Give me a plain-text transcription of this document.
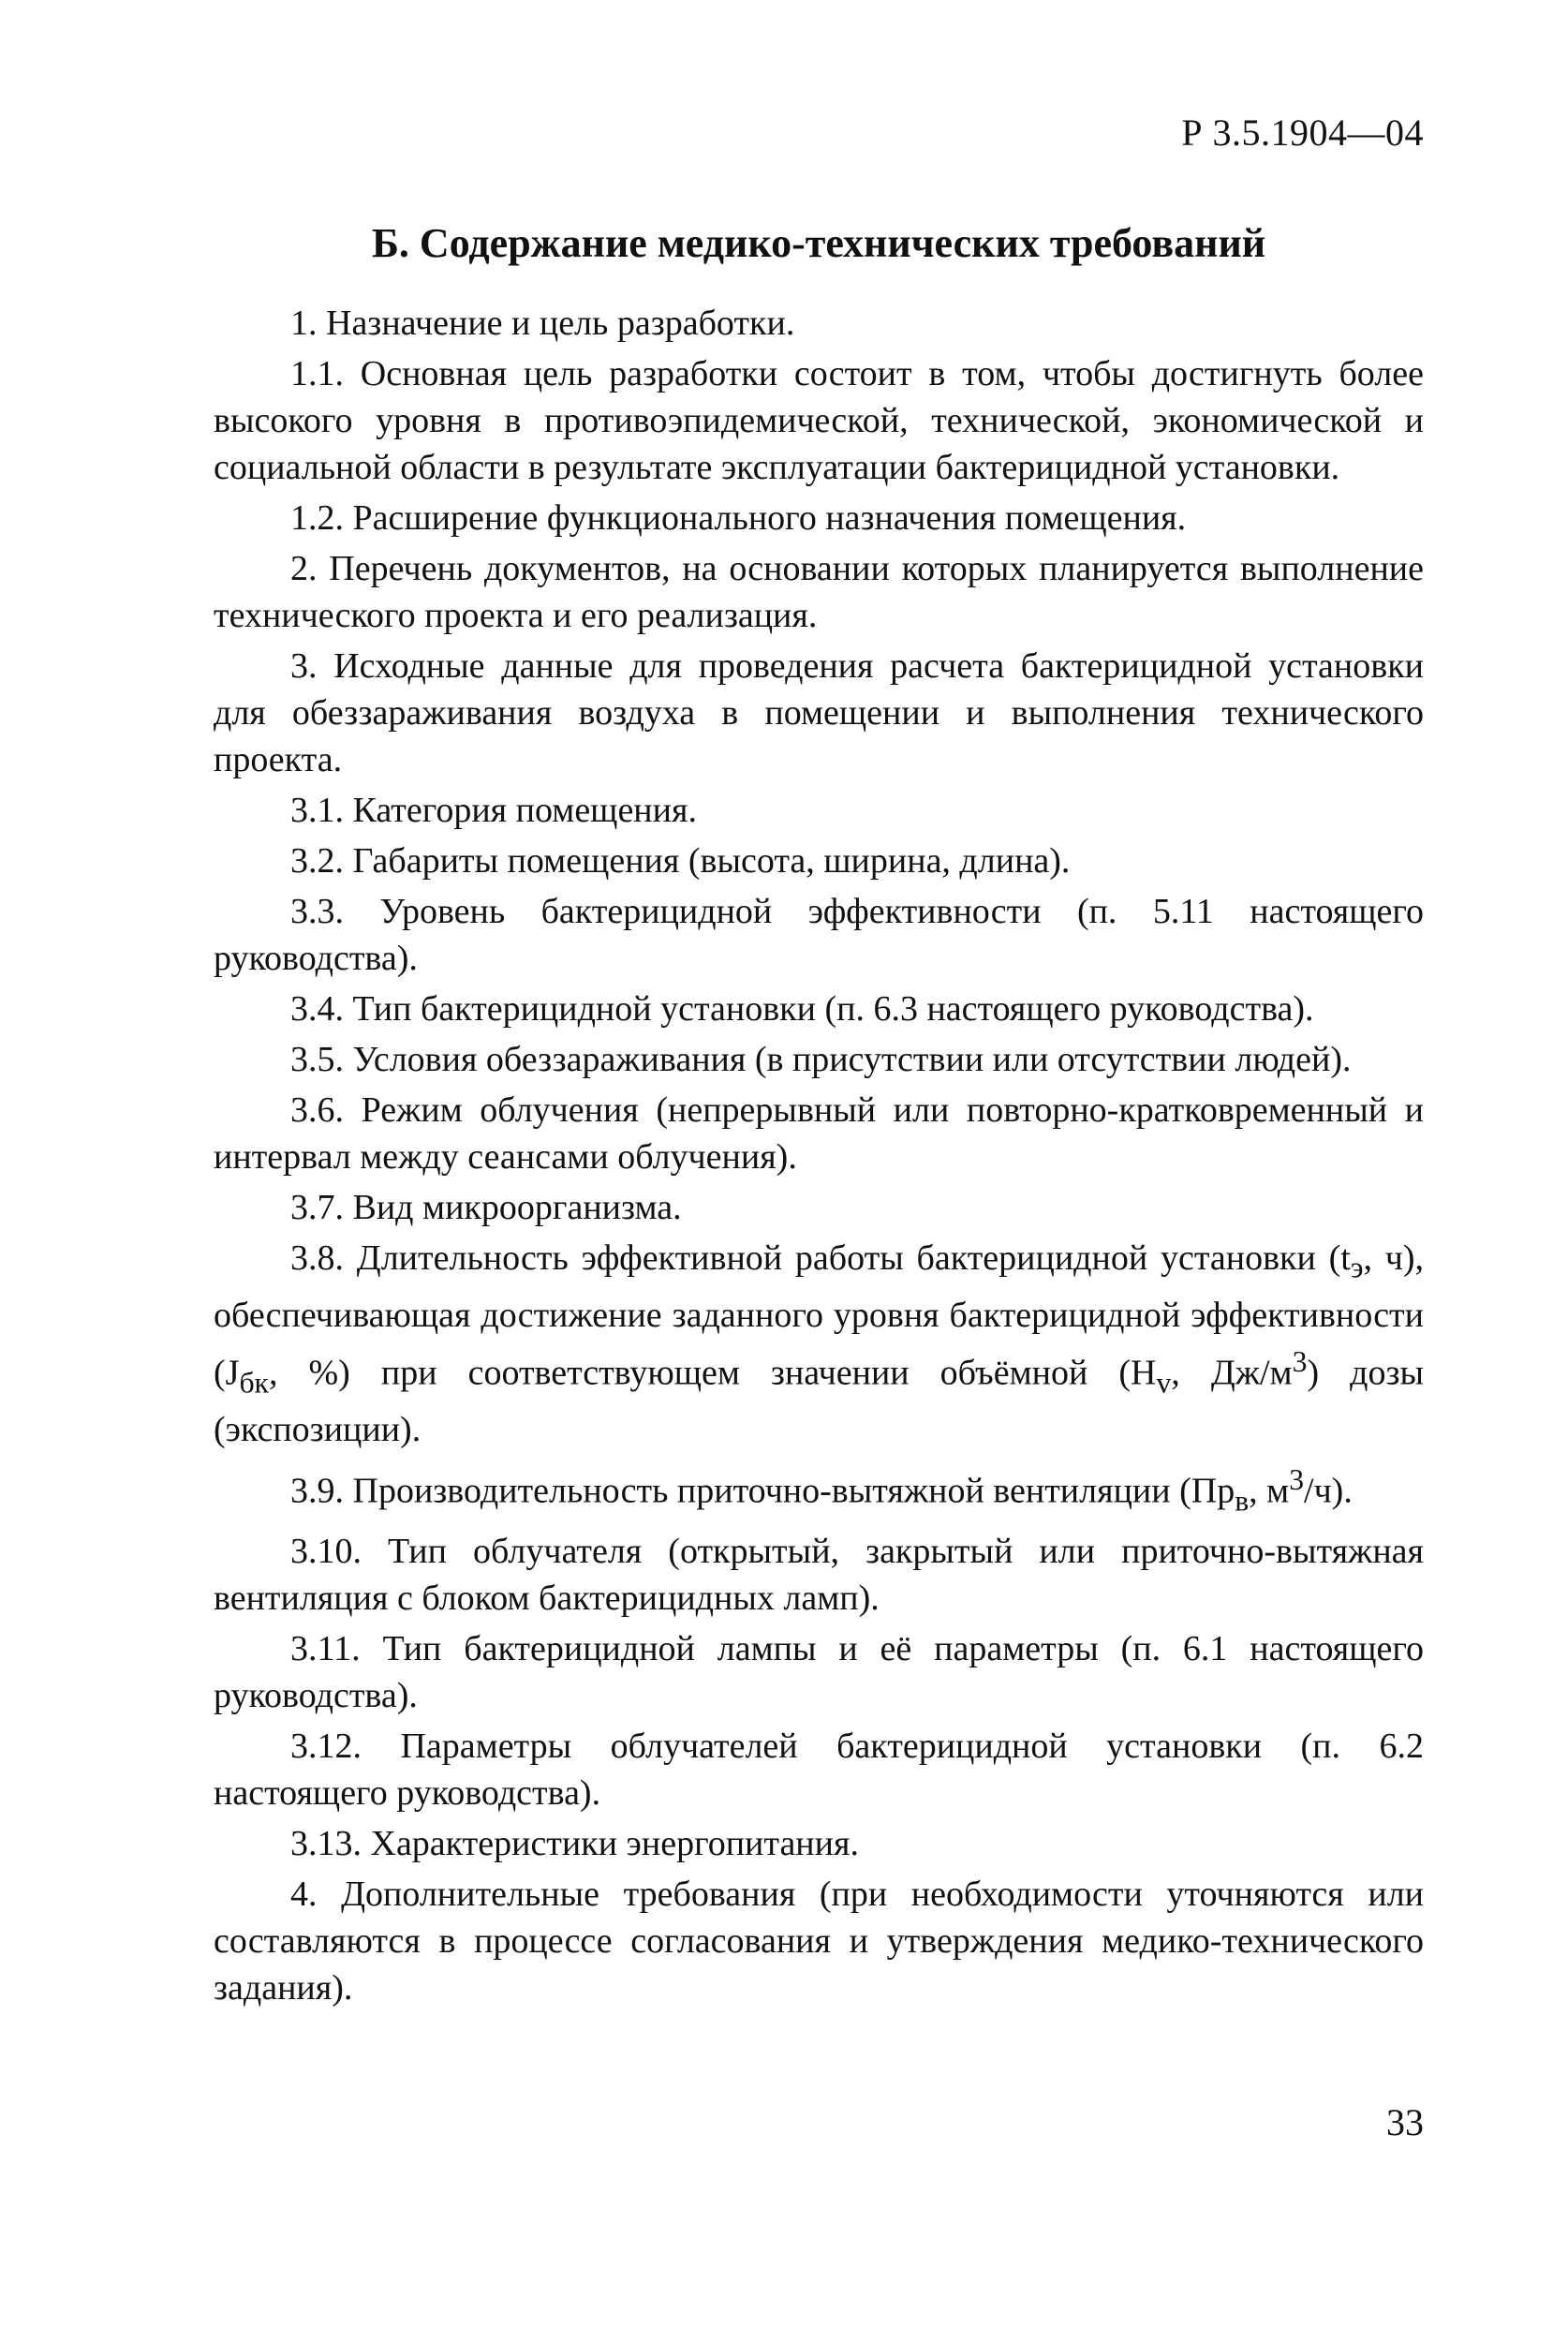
Р 3.5.1904—04
Б. Содержание медико-технических требований

1. Назначение и цель разработки.

1.1. Основная цель разработки состоит в том, чтобы достигнуть более высокого уровня в противоэпидемической, технической, экономической и социальной области в результате эксплуатации бактерицидной установки.

1.2. Расширение функционального назначения помещения.

2. Перечень документов, на основании которых планируется выполнение технического проекта и его реализация.

3. Исходные данные для проведения расчета бактерицидной установки для обеззараживания воздуха в помещении и выполнения технического проекта.

3.1. Категория помещения.

3.2. Габариты помещения (высота, ширина, длина).

3.3. Уровень бактерицидной эффективности (п. 5.11 настоящего руководства).

3.4. Тип бактерицидной установки (п. 6.3 настоящего руководства).

3.5. Условия обеззараживания (в присутствии или отсутствии людей).

3.6. Режим облучения (непрерывный или повторно-кратковременный и интервал между сеансами облучения).

3.7. Вид микроорганизма.

3.8. Длительность эффективной работы бактерицидной установки ($t_э$, ч), обеспечивающая достижение заданного уровня бактерицидной эффективности ($J_{бк}$, %) при соответствующем значении объёмной ($H_v$, $Дж/м^3$) дозы (экспозиции).

3.9. Производительность приточно-вытяжной вентиляции ($Пр_в$, $м^3/ч$).

3.10. Тип облучателя (открытый, закрытый или приточно-вытяжная вентиляция с блоком бактерицидных ламп).

3.11. Тип бактерицидной лампы и её параметры (п. 6.1 настоящего руководства).

3.12. Параметры облучателей бактерицидной установки (п. 6.2 настоящего руководства).

3.13. Характеристики энергопитания.

4. Дополнительные требования (при необходимости уточняются или составляются в процессе согласования и утверждения медико-технического задания).

33
